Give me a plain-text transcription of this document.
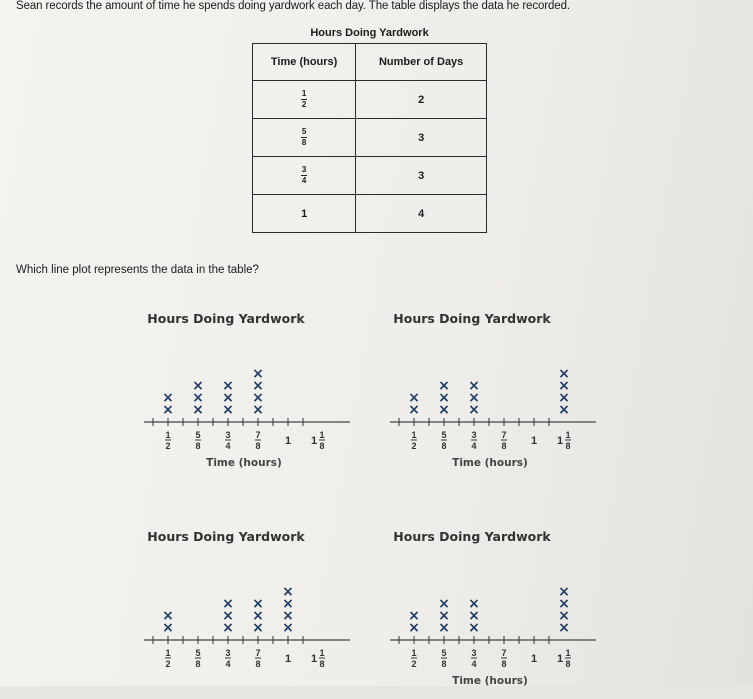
Sean records the amount of time he spends doing yardwork each day. The table displays the data he recorded.
Hours Doing Yardwork
Time (hours)	Number of Days

$\frac{1}{2}$	2

$\frac{5}{8}$	3

$\frac{3}{4}$	3
1	4
Which line plot represents the data in the table?
Hours Doing Yardwork
1
2
5
8
3
4
7
8 1 1 1
8
×
×
×
×
×
×
×
×
×
×
×
×
Time (hours)
Hours Doing Yardwork
1
2
5
8
3
4
7
8 1 1 1
8
×
×
×
×
×
×
×
×
×
×
×
×
Time (hours)
Hours Doing Yardwork
1
2
5
8
3
4
7
8 1 1 1
8
×
×
×
×
×
×
×
×
×
×
×
×
Hours Doing Yardwork
1
2
5
8
3
4
7
8 1 1 1
8
×
×
×
×
×
×
×
×
×
×
×
×
Time (hours)
